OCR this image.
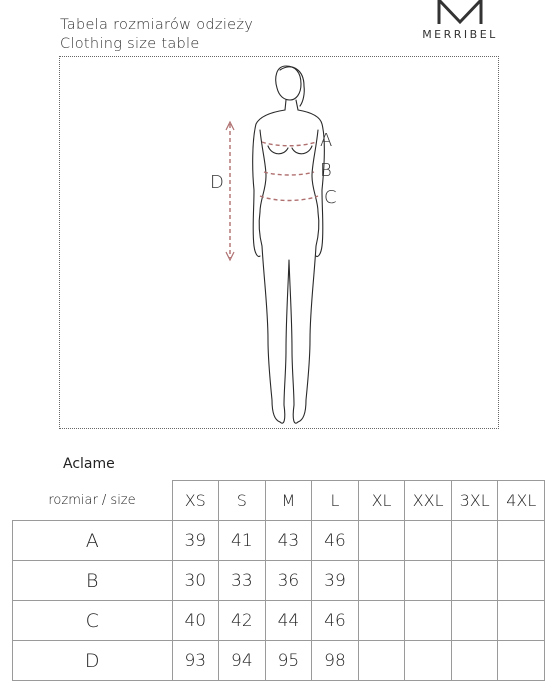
Tabela rozmiarów odzieży
Clothing size table
MERRIBEL
A
B
C
D
Aclame
rozmiar / size	XS	S	M	L	XL	XXL	3XL	4XL
A	39	41	43	46				
B	30	33	36	39				
C	40	42	44	46				
D	93	94	95	98				
